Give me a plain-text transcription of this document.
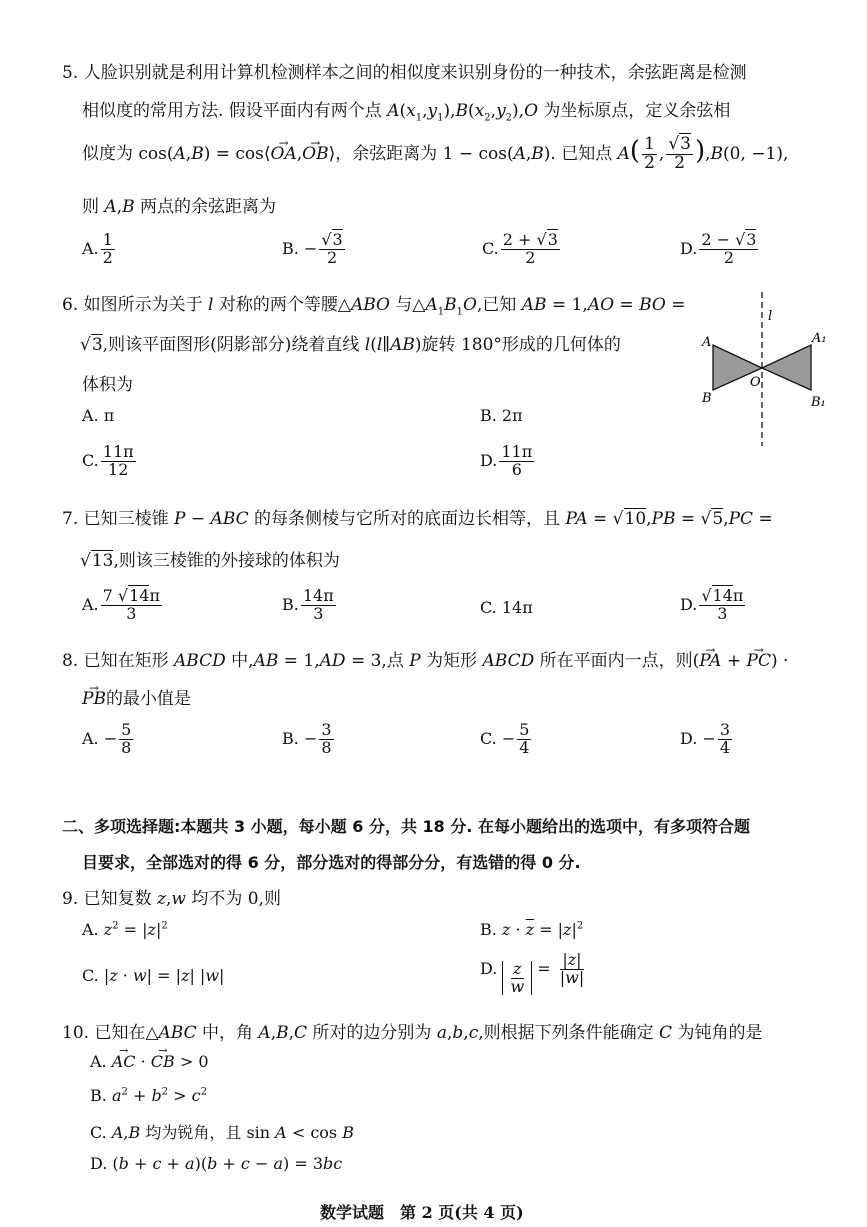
5. 人脸识别就是利用计算机检测样本之间的相似度来识别身份的一种技术，余弦距离是检测
相似度的常用方法. 假设平面内有两个点 $A(x_1,y_1),B(x_2,y_2),O$ 为坐标原点，定义余弦相
似度为 cos(A,B) = cos⟨→ OA,→ OB⟩，余弦距离为 1 − cos(A,B). 已知点 $A( \frac{1}{2}$ , $\frac{√3}{2} ),B(0$, −1),
则 A,B 两点的余弦距离为
A. $\frac{1}{2}$	B. − $\frac{√3}{2}$	C. $\frac{2 + √3}{2}$	D. $\frac{2 - √3}{2}$
6. 如图所示为关于 l 对称的两个等腰△ABO 与$\triangle A_1B_1O$,已知 AB = 1,AO = BO =
√3,则该平面图形(阴影部分)绕着直线 l(l∥AB)旋转 180°形成的几何体的
体积为
A. π	B. 2π
C. $\frac{11\pi}{12}$	D. $\frac{11\pi}{6}$
l
A	A₁
B	B₁
O
7. 已知三棱锥 P − ABC 的每条侧棱与它所对的底面边长相等，且 PA = √10,PB = √5,PC =
√13,则该三棱锥的外接球的体积为
A. $\frac{7 √14\pi}{3}$	B. $\frac{14\pi}{3}$	C. 14π	D. $\frac{√14\pi}{3}$
8. 已知在矩形 ABCD 中,AB = 1,AD = 3,点 P 为矩形 ABCD 所在平面内一点，则(→ PA + → PC) ·
→ PB的最小值是
A. − $\frac{5}{8}$	B. − $\frac{3}{8}$	C. − $\frac{5}{4}$	D. − $\frac{3}{4}$
二、多项选择题:本题共 3 小题，每小题 6 分，共 18 分. 在每小题给出的选项中，有多项符合题
目要求，全部选对的得 6 分，部分选对的得部分分，有选错的得 0 分.
9. 已知复数 z,w 均不为 0,则
A. $z^2 = |z|^2$	B. $z \cdot \overline{z} = |z|^2$
C. |z · w| = |z| |w|	D. $\frac{z}{w} = \frac{|z|}{|w|}$
10. 已知在△ABC 中，角 A,B,C 所对的边分别为 a,b,c,则根据下列条件能确定 C 为钝角的是
A. → AC · → CB > 0
B. $a^2 + b^2 > c^2$
C. A,B 均为锐角，且 sin A < cos B
D. (b + c + a)(b + c − a) = 3bc
数学试题　第 2 页(共 4 页)
